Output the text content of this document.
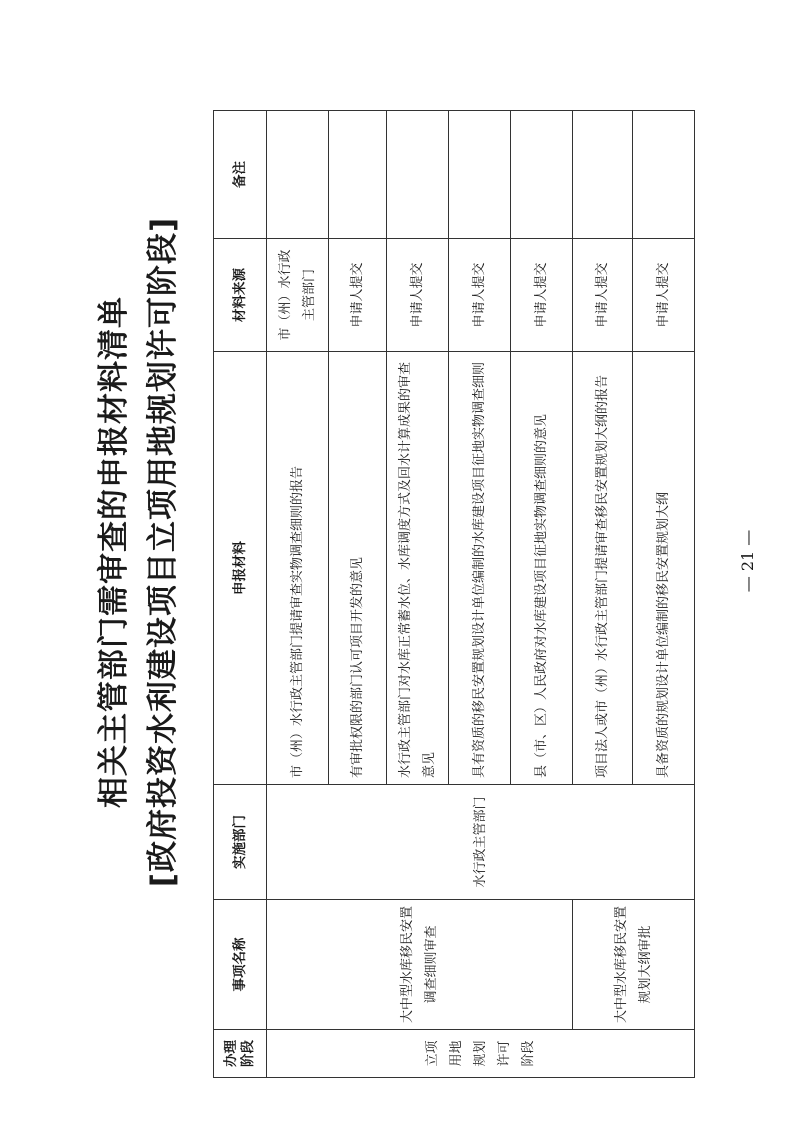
相关主管部门需审查的申报材料清单 [政府投资水利建设项目立项用地规划许可阶段]
办理阶段	事项名称	实施部门	申报材料	材料来源	备注
立项用地规划许可阶段	大中型水库移民安置调查细则审查	水行政主管部门	市（州）水行政主管部门提请审查实物调查细则的报告	市（州）水行政主管部门	
			有审批权限的部门认可项目开发的意见	申请人提交	
			水行政主管部门对水库正常蓄水位、水库调度方式及回水计算成果的审查意见	申请人提交	
			具有资质的移民安置规划设计单位编制的水库建设项目征地实物调查细则	申请人提交	
			县（市、区）人民政府对水库建设项目征地实物调查细则的意见	申请人提交	
	大中型水库移民安置规划大纲审批		项目法人或市（州）水行政主管部门提请审查移民安置规划大纲的报告	申请人提交	
			具备资质的规划设计单位编制的移民安置规划大纲	申请人提交	
— 21 —
